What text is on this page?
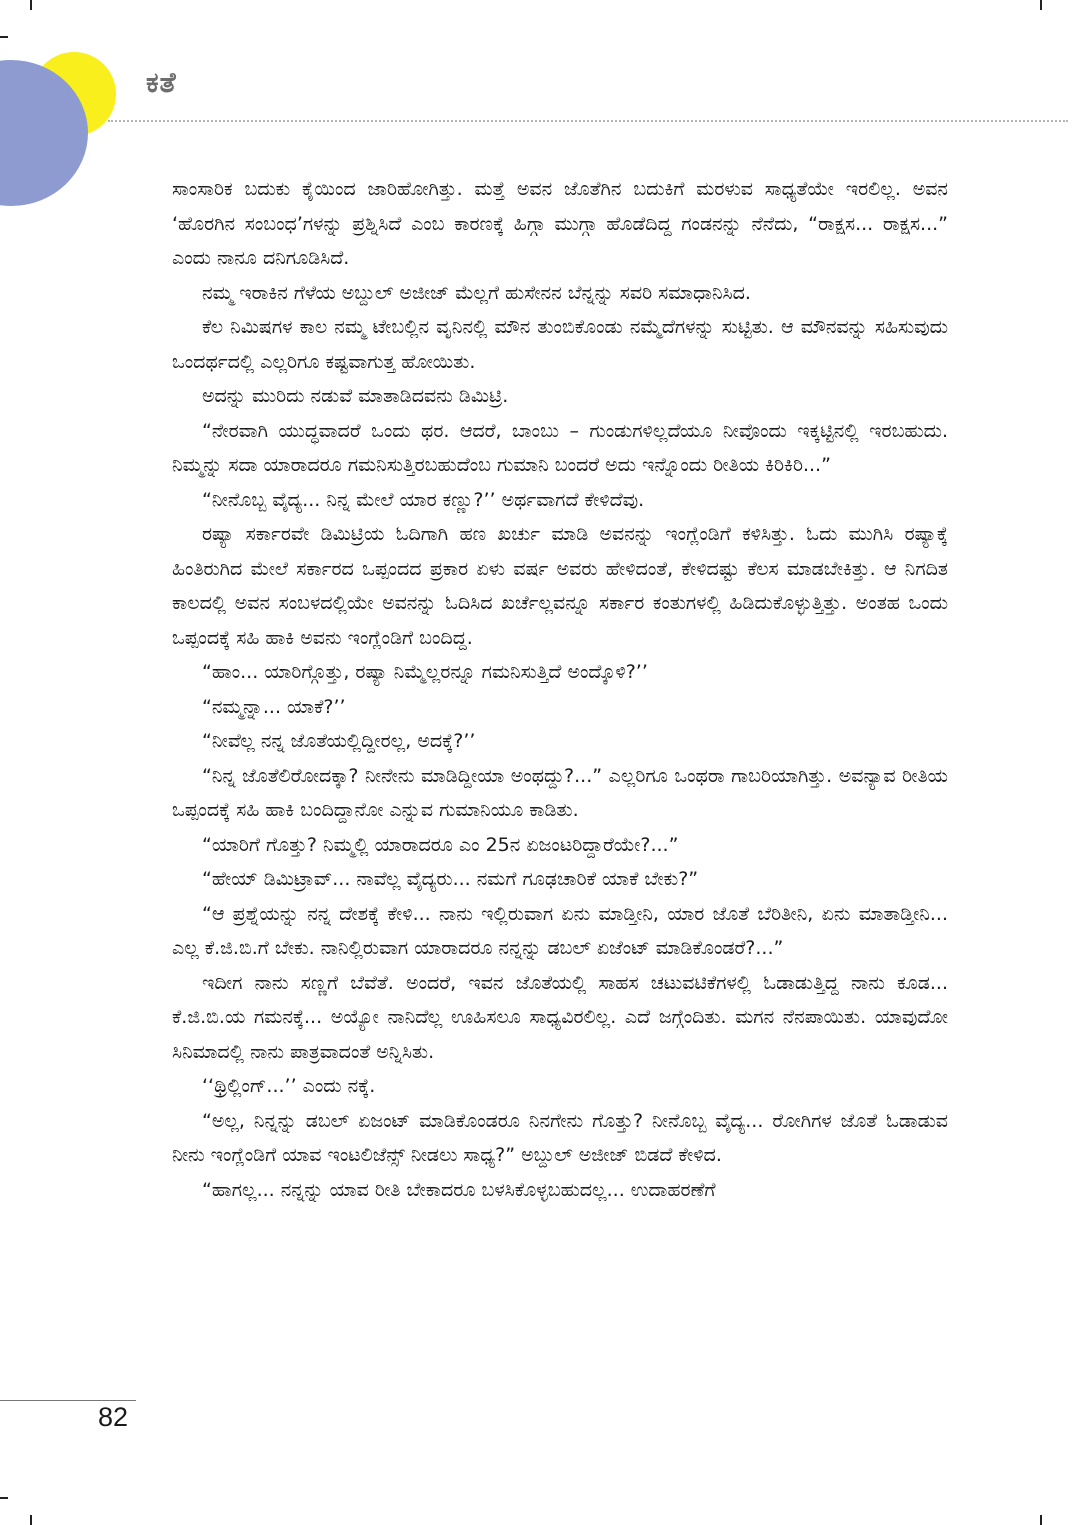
ಕತೆ

ಸಾಂಸಾರಿಕ ಬದುಕು ಕೈಯಿಂದ ಜಾರಿಹೋಗಿತ್ತು. ಮತ್ತೆ ಅವನ ಜೊತೆಗಿನ ಬದುಕಿಗೆ ಮರಳುವ ಸಾಧ್ಯತೆಯೇ ಇರಲಿಲ್ಲ. ಅವನ ‘ಹೊರಗಿನ ಸಂಬಂಧ’ಗಳನ್ನು ಪ್ರಶ್ನಿಸಿದೆ ಎಂಬ ಕಾರಣಕ್ಕೆ ಹಿಗ್ಗಾ ಮುಗ್ಗಾ ಹೊಡೆದಿದ್ದ ಗಂಡನನ್ನು ನೆನೆದು, “ರಾಕ್ಷಸ... ರಾಕ್ಷಸ...” ಎಂದು ನಾನೂ ದನಿಗೂಡಿಸಿದೆ.

ನಮ್ಮ ಇರಾಕಿನ ಗೆಳೆಯ ಅಬ್ದುಲ್ ಅಜೀಜ್ ಮೆಲ್ಲಗೆ ಹುಸೇನನ ಬೆನ್ನನ್ನು ಸವರಿ ಸಮಾಧಾನಿಸಿದ.

ಕೆಲ ನಿಮಿಷಗಳ ಕಾಲ ನಮ್ಮ ಟೇಬಲ್ಲಿನ ವೃನಿನಲ್ಲಿ ಮೌನ ತುಂಬಿಕೊಂಡು ನಮ್ಮೆದೆಗಳನ್ನು ಸುಟ್ಟಿತು. ಆ ಮೌನವನ್ನು ಸಹಿಸುವುದು ಒಂದರ್ಥದಲ್ಲಿ ಎಲ್ಲರಿಗೂ ಕಷ್ಟವಾಗುತ್ತ ಹೋಯಿತು.

ಅದನ್ನು ಮುರಿದು ನಡುವೆ ಮಾತಾಡಿದವನು ಡಿಮಿಟ್ರಿ.

“ನೇರವಾಗಿ ಯುದ್ಧವಾದರೆ ಒಂದು ಥರ. ಆದರೆ, ಬಾಂಬು – ಗುಂಡುಗಳಿಲ್ಲದೆಯೂ ನೀವೊಂದು ಇಕ್ಕಟ್ಟಿನಲ್ಲಿ ಇರಬಹುದು. ನಿಮ್ಮನ್ನು ಸದಾ ಯಾರಾದರೂ ಗಮನಿಸುತ್ತಿರಬಹುದೆಂಬ ಗುಮಾನಿ ಬಂದರೆ ಅದು ಇನ್ನೊಂದು ರೀತಿಯ ಕಿರಿಕಿರಿ...”

“ನೀನೊಬ್ಬ ವೈದ್ಯ... ನಿನ್ನ ಮೇಲೆ ಯಾರ ಕಣ್ಣು?’’ ಅರ್ಥವಾಗದೆ ಕೇಳಿದೆವು.

ರಷ್ಯಾ ಸರ್ಕಾರವೇ ಡಿಮಿಟ್ರಿಯ ಓದಿಗಾಗಿ ಹಣ ಖರ್ಚು ಮಾಡಿ ಅವನನ್ನು ಇಂಗ್ಲೆಂಡಿಗೆ ಕಳಿಸಿತ್ತು. ಓದು ಮುಗಿಸಿ ರಷ್ಯಾಕ್ಕೆ ಹಿಂತಿರುಗಿದ ಮೇಲೆ ಸರ್ಕಾರದ ಒಪ್ಪಂದದ ಪ್ರಕಾರ ಏಳು ವರ್ಷ ಅವರು ಹೇಳಿದಂತೆ, ಕೇಳಿದಷ್ಟು ಕೆಲಸ ಮಾಡಬೇಕಿತ್ತು. ಆ ನಿಗದಿತ ಕಾಲದಲ್ಲಿ ಅವನ ಸಂಬಳದಲ್ಲಿಯೇ ಅವನನ್ನು ಓದಿಸಿದ ಖರ್ಚೆಲ್ಲವನ್ನೂ ಸರ್ಕಾರ ಕಂತುಗಳಲ್ಲಿ ಹಿಡಿದುಕೊಳ್ಳುತ್ತಿತ್ತು. ಅಂತಹ ಒಂದು ಒಪ್ಪಂದಕ್ಕೆ ಸಹಿ ಹಾಕಿ ಅವನು ಇಂಗ್ಲೆಂಡಿಗೆ ಬಂದಿದ್ದ.

“ಹಾಂ... ಯಾರಿಗ್ಗೊತ್ತು, ರಷ್ಯಾ ನಿಮ್ಮೆಲ್ಲರನ್ನೂ ಗಮನಿಸುತ್ತಿದೆ ಅಂದ್ಕೊಳಿ?’’

“ನಮ್ಮನ್ನಾ... ಯಾಕೆ?’’

“ನೀವೆಲ್ಲ ನನ್ನ ಜೊತೆಯಲ್ಲಿದ್ದೀರಲ್ಲ, ಅದಕ್ಕೆ?’’

“ನಿನ್ನ ಜೊತೆಲಿರೋದಕ್ಕಾ? ನೀನೇನು ಮಾಡಿದ್ದೀಯಾ ಅಂಥದ್ದು?...” ಎಲ್ಲರಿಗೂ ಒಂಥರಾ ಗಾಬರಿಯಾಗಿತ್ತು. ಅವನ್ಯಾವ ರೀತಿಯ ಒಪ್ಪಂದಕ್ಕೆ ಸಹಿ ಹಾಕಿ ಬಂದಿದ್ದಾನೋ ಎನ್ನುವ ಗುಮಾನಿಯೂ ಕಾಡಿತು.

“ಯಾರಿಗೆ ಗೊತ್ತು? ನಿಮ್ಮಲ್ಲಿ ಯಾರಾದರೂ ಎಂ 25ನ ಏಜಂಟರಿದ್ದಾರೆಯೇ?...”

“ಹೇಯ್ ಡಿಮಿಟ್ರಾವ್... ನಾವೆಲ್ಲ ವೈದ್ಯರು... ನಮಗೆ ಗೂಢಚಾರಿಕೆ ಯಾಕೆ ಬೇಕು?”

“ಆ ಪ್ರಶ್ನೆಯನ್ನು ನನ್ನ ದೇಶಕ್ಕೆ ಕೇಳಿ... ನಾನು ಇಲ್ಲಿರುವಾಗ ಏನು ಮಾಡ್ತೀನಿ, ಯಾರ ಜೊತೆ ಬೆರಿತೀನಿ, ಏನು ಮಾತಾಡ್ತೀನಿ... ಎಲ್ಲ ಕೆ.ಜಿ.ಬಿ.ಗೆ ಬೇಕು. ನಾನಿಲ್ಲಿರುವಾಗ ಯಾರಾದರೂ ನನ್ನನ್ನು ಡಬಲ್ ಏಜೆಂಟ್ ಮಾಡಿಕೊಂಡರೆ?...”

ಇದೀಗ ನಾನು ಸಣ್ಣಗೆ ಬೆವೆತೆ. ಅಂದರೆ, ಇವನ ಜೊತೆಯಲ್ಲಿ ಸಾಹಸ ಚಟುವಟಿಕೆಗಳಲ್ಲಿ ಓಡಾಡುತ್ತಿದ್ದ ನಾನು ಕೂಡ... ಕೆ.ಜಿ.ಬಿ.ಯ ಗಮನಕ್ಕೆ... ಅಯ್ಯೋ ನಾನಿದೆಲ್ಲ ಊಹಿಸಲೂ ಸಾಧ್ಯವಿರಲಿಲ್ಲ. ಎದೆ ಜಗ್ಗೆಂದಿತು. ಮಗನ ನೆನಪಾಯಿತು. ಯಾವುದೋ ಸಿನಿಮಾದಲ್ಲಿ ನಾನು ಪಾತ್ರವಾದಂತೆ ಅನ್ನಿಸಿತು.

‘‘ಥ್ರಿಲ್ಲಿಂಗ್...’’ ಎಂದು ನಕ್ಕೆ.

“ಅಲ್ಲ, ನಿನ್ನನ್ನು ಡಬಲ್ ಏಜಂಟ್ ಮಾಡಿಕೊಂಡರೂ ನಿನಗೇನು ಗೊತ್ತು? ನೀನೊಬ್ಬ ವೈದ್ಯ... ರೋಗಿಗಳ ಜೊತೆ ಓಡಾಡುವ ನೀನು ಇಂಗ್ಲೆಂಡಿಗೆ ಯಾವ ಇಂಟಲಿಜೆನ್ಸ್ ನೀಡಲು ಸಾಧ್ಯ?” ಅಬ್ದುಲ್ ಅಜೀಜ್ ಬಿಡದೆ ಕೇಳಿದ.

“ಹಾಗಲ್ಲ... ನನ್ನನ್ನು ಯಾವ ರೀತಿ ಬೇಕಾದರೂ ಬಳಸಿಕೊಳ್ಳಬಹುದಲ್ಲ... ಉದಾಹರಣೆಗೆ

82
